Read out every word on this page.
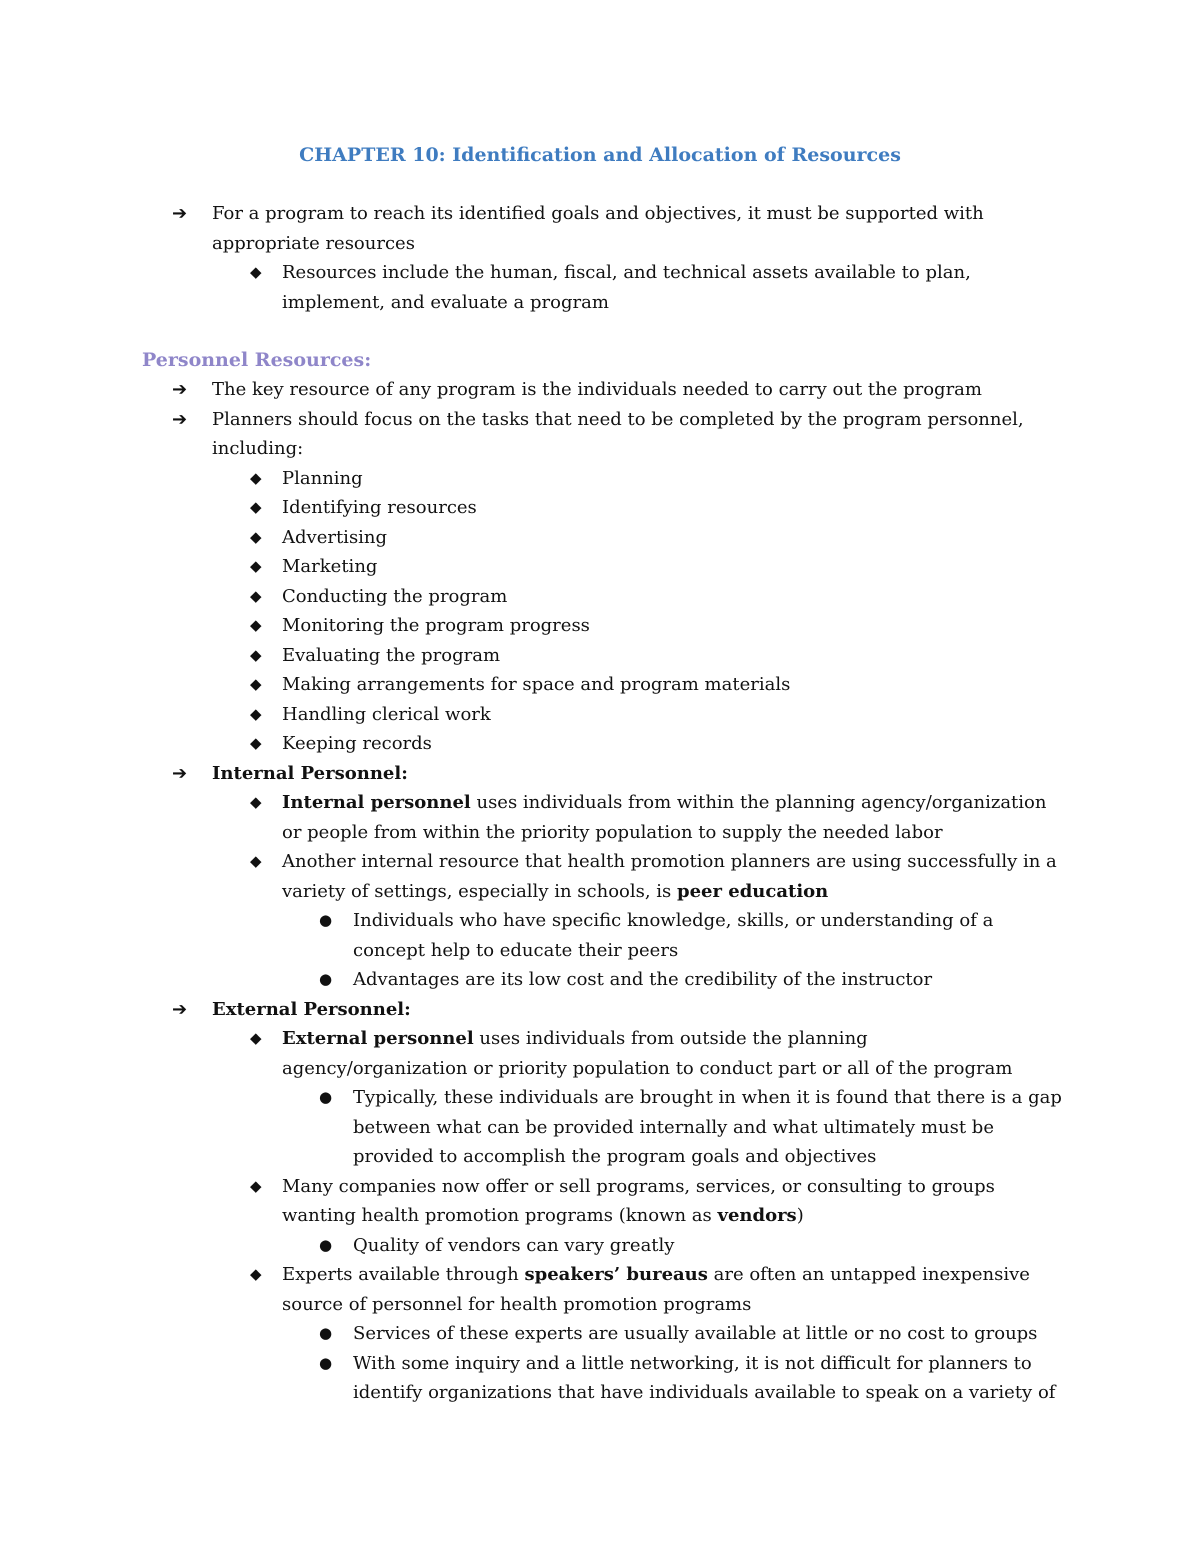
CHAPTER 10: Identification and Allocation of Resources
➔ For a program to reach its identified goals and objectives, it must be supported with
appropriate resources
◆ Resources include the human, fiscal, and technical assets available to plan,
implement, and evaluate a program
Personnel Resources:
➔ The key resource of any program is the individuals needed to carry out the program
➔ Planners should focus on the tasks that need to be completed by the program personnel,
including:
◆ Planning
◆ Identifying resources
◆ Advertising
◆ Marketing
◆ Conducting the program
◆ Monitoring the program progress
◆ Evaluating the program
◆ Making arrangements for space and program materials
◆ Handling clerical work
◆ Keeping records
➔ Internal Personnel:
◆ Internal personnel uses individuals from within the planning agency/organization
or people from within the priority population to supply the needed labor
◆ Another internal resource that health promotion planners are using successfully in a
variety of settings, especially in schools, is peer education
● Individuals who have specific knowledge, skills, or understanding of a
concept help to educate their peers
● Advantages are its low cost and the credibility of the instructor
➔ External Personnel:
◆ External personnel uses individuals from outside the planning
agency/organization or priority population to conduct part or all of the program
● Typically, these individuals are brought in when it is found that there is a gap
between what can be provided internally and what ultimately must be
provided to accomplish the program goals and objectives
◆ Many companies now offer or sell programs, services, or consulting to groups
wanting health promotion programs (known as vendors)
● Quality of vendors can vary greatly
◆ Experts available through speakers’ bureaus are often an untapped inexpensive
source of personnel for health promotion programs
● Services of these experts are usually available at little or no cost to groups
● With some inquiry and a little networking, it is not difficult for planners to
identify organizations that have individuals available to speak on a variety of
